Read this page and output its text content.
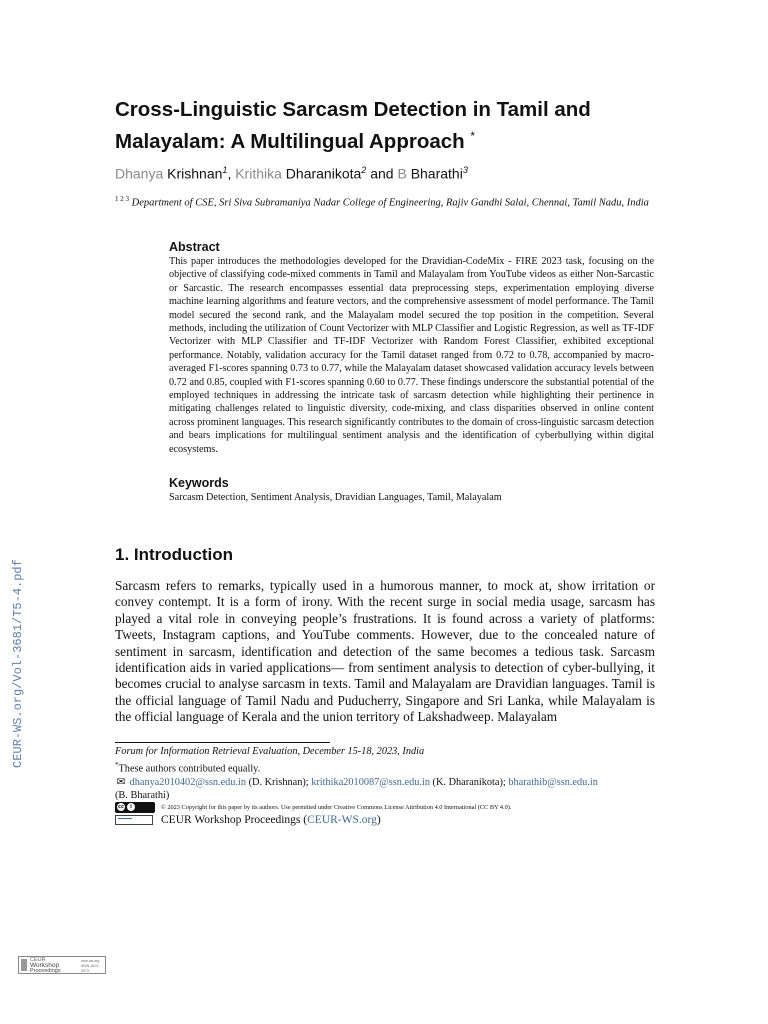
CEUR-WS.org/Vol-3681/T5-4.pdf
Cross-Linguistic Sarcasm Detection in Tamil and Malayalam: A Multilingual Approach *
Dhanya Krishnan$^1$, Krithika Dharanikota$^2$ and B Bharathi$^3$
$^{1 2 3}$ Department of CSE, Sri Siva Subramaniya Nadar College of Engineering, Rajiv Gandhi Salai, Chennai, Tamil Nadu, India
Abstract

This paper introduces the methodologies developed for the Dravidian-CodeMix - FIRE 2023 task, focusing on the objective of classifying code-mixed comments in Tamil and Malayalam from YouTube videos as either Non-Sarcastic or Sarcastic. The research encompasses essential data preprocessing steps, experimentation employing diverse machine learning algorithms and feature vectors, and the comprehensive assessment of model performance. The Tamil model secured the second rank, and the Malayalam model secured the top position in the competition. Several methods, including the utilization of Count Vectorizer with MLP Classifier and Logistic Regression, as well as TF-IDF Vectorizer with MLP Classifier and TF-IDF Vectorizer with Random Forest Classifier, exhibited exceptional performance. Notably, validation accuracy for the Tamil dataset ranged from 0.72 to 0.78, accompanied by macro-averaged F1-scores spanning 0.73 to 0.77, while the Malayalam dataset showcased validation accuracy levels between 0.72 and 0.85, coupled with F1-scores spanning 0.60 to 0.77. These findings underscore the substantial potential of the employed techniques in addressing the intricate task of sarcasm detection while highlighting their pertinence in mitigating challenges related to linguistic diversity, code-mixing, and class disparities observed in online content across prominent languages. This research significantly contributes to the domain of cross-linguistic sarcasm detection and bears implications for multilingual sentiment analysis and the identification of cyberbullying within digital ecosystems.

Keywords

Sarcasm Detection, Sentiment Analysis, Dravidian Languages, Tamil, Malayalam

1. Introduction

Sarcasm refers to remarks, typically used in a humorous manner, to mock at, show irritation or convey contempt. It is a form of irony. With the recent surge in social media usage, sarcasm has played a vital role in conveying people’s frustrations. It is found across a variety of platforms: Tweets, Instagram captions, and YouTube comments. However, due to the concealed nature of sentiment in sarcasm, identification and detection of the same becomes a tedious task. Sarcasm identification aids in varied applications— from sentiment analysis to detection of cyber-bullying, it becomes crucial to analyse sarcasm in texts. Tamil and Malayalam are Dravidian languages. Tamil is the official language of Tamil Nadu and Puducherry, Singapore and Sri Lanka, while Malayalam is the official language of Kerala and the union territory of Lakshadweep. Malayalam

Forum for Information Retrieval Evaluation, December 15-18, 2023, India
*These authors contributed equally.
✉ dhanya2010402@ssn.edu.in (D. Krishnan); krithika2010087@ssn.edu.in (K. Dharanikota); bharathib@ssn.edu.in
(B. Bharathi)
cc	i	© 2023 Copyright for this paper by its authors. Use permitted under Creative Commons License Attribution 4.0 International (CC BY 4.0).
CEUR Workshop Proceedings (CEUR-WS.org)
CEUR
Workshop
Proceedings
ceur-ws.org
ISSN 1613-0073
